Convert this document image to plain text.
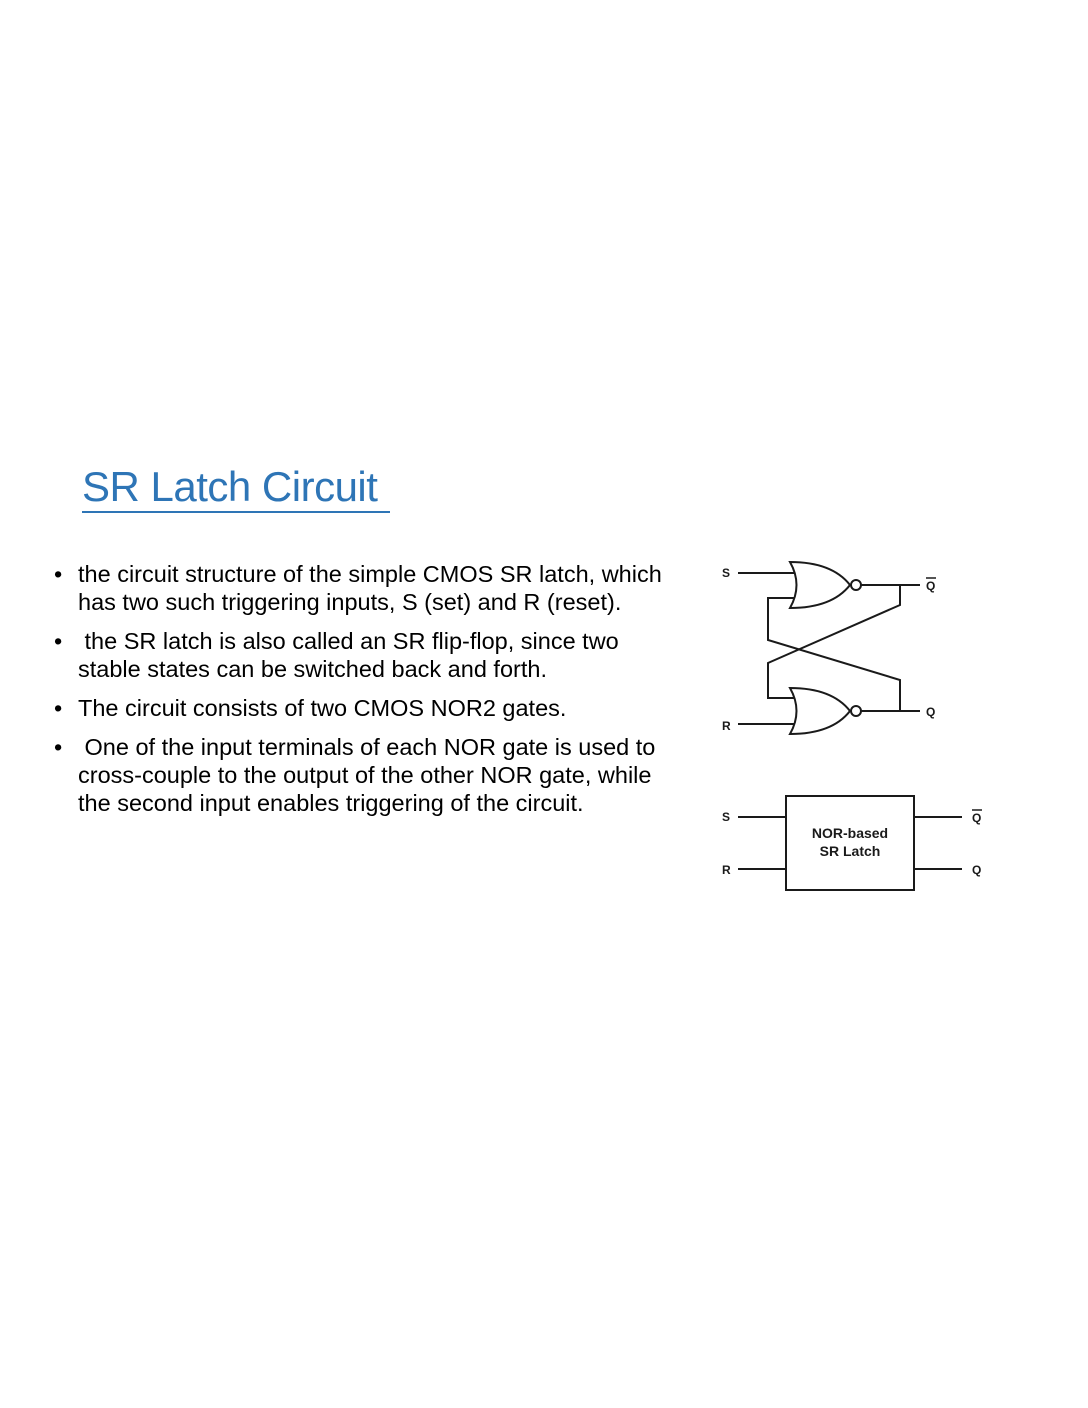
SR Latch Circuit
• the circuit structure of the simple CMOS SR latch, which has two such triggering inputs, S (set) and R (reset).
• the SR latch is also called an SR flip-flop, since two stable states can be switched back and forth.
• The circuit consists of two CMOS NOR2 gates.
• One of the input terminals of each NOR gate is used to cross-couple to the output of the other NOR gate, while the second input enables triggering of the circuit.
S
R
Q
Q
S
R
Q
Q
NOR-based
SR Latch
